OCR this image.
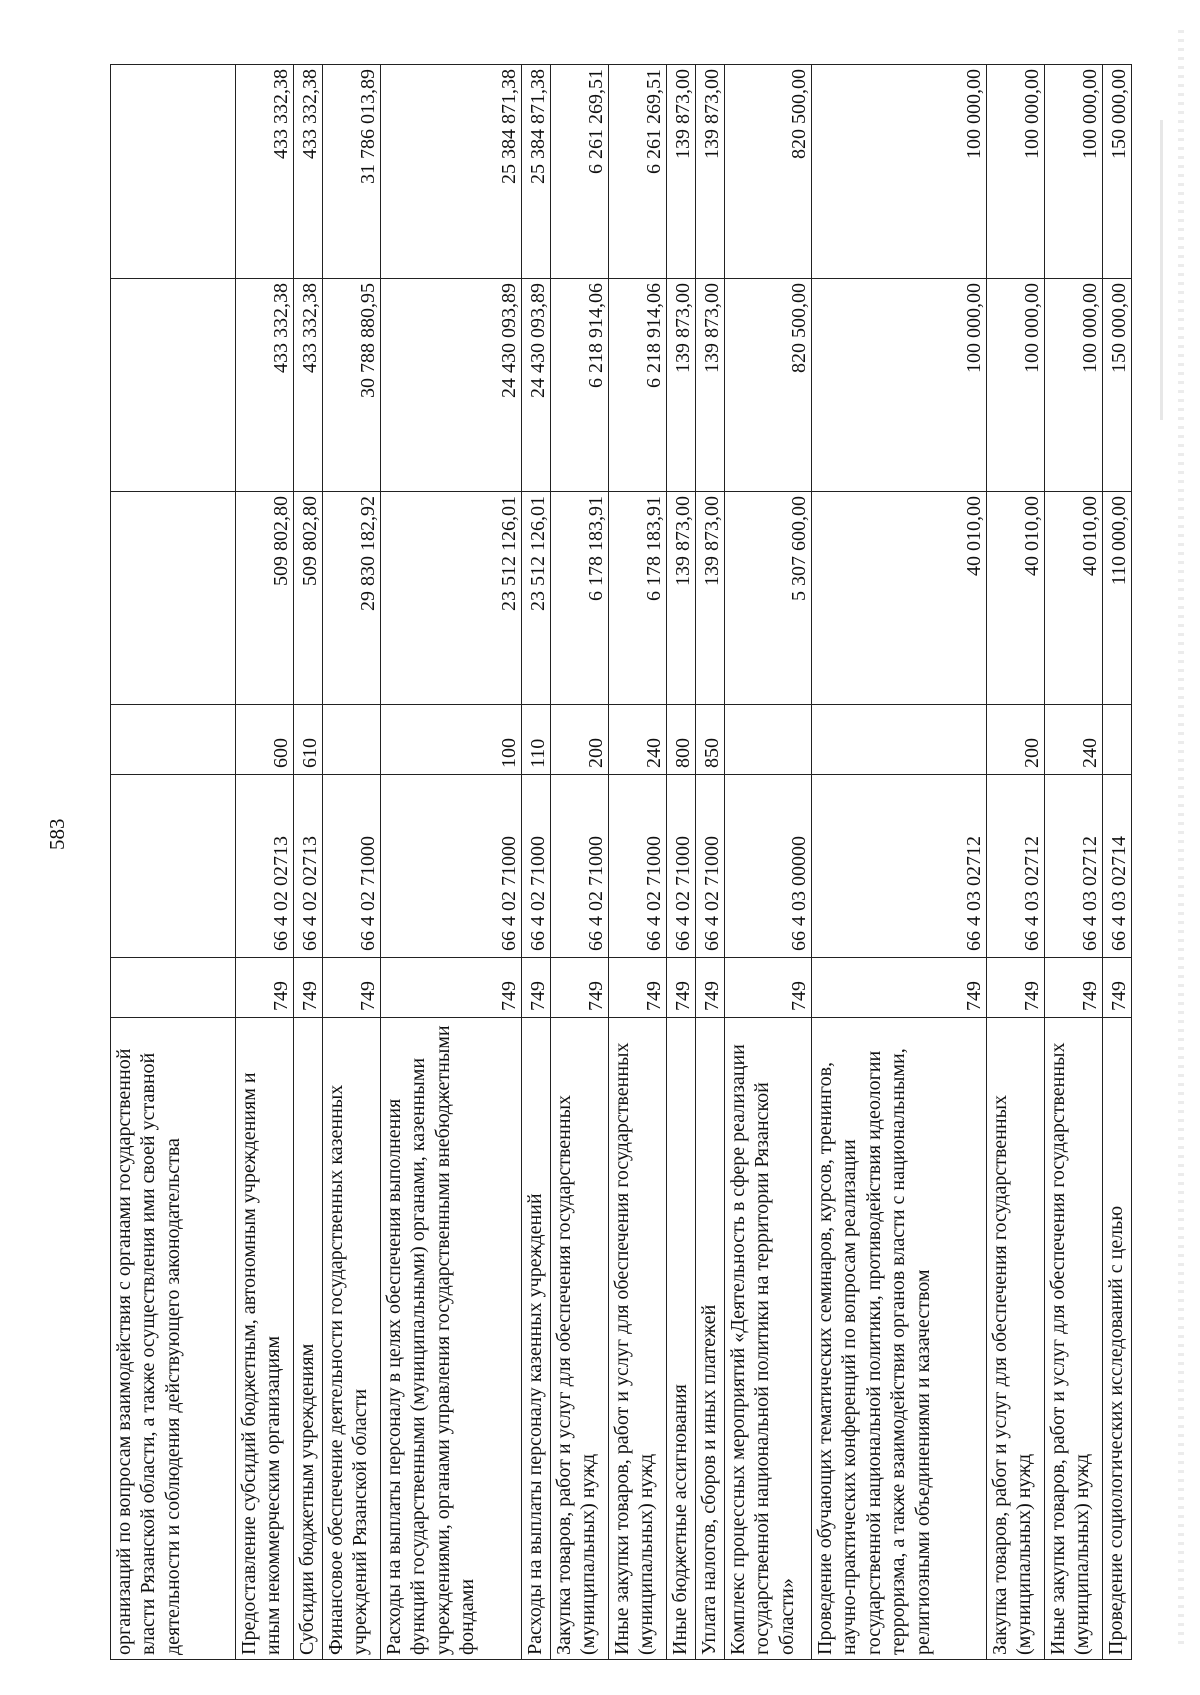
583
организаций по вопросам взаимодействия с органами государственной власти Рязанской области, а также осуществления ими своей уставной деятельности и соблюдения действующего законодательства						
Предоставление субсидий бюджетным, автономным учреждениям и иным некоммерческим организациям	749	66 4 02 02713	600	509 802,80	433 332,38	433 332,38
Субсидии бюджетным учреждениям	749	66 4 02 02713	610	509 802,80	433 332,38	433 332,38
Финансовое обеспечение деятельности государственных казенных учреждений Рязанской области	749	66 4 02 71000		29 830 182,92	30 788 880,95	31 786 013,89
Расходы на выплаты персоналу в целях обеспечения выполнения функций государственными (муниципальными) органами, казенными учреждениями, органами управления государственными внебюджетными фондами	749	66 4 02 71000	100	23 512 126,01	24 430 093,89	25 384 871,38
Расходы на выплаты персоналу казенных учреждений	749	66 4 02 71000	110	23 512 126,01	24 430 093,89	25 384 871,38
Закупка товаров, работ и услуг для обеспечения государственных (муниципальных) нужд	749	66 4 02 71000	200	6 178 183,91	6 218 914,06	6 261 269,51
Иные закупки товаров, работ и услуг для обеспечения государственных (муниципальных) нужд	749	66 4 02 71000	240	6 178 183,91	6 218 914,06	6 261 269,51
Иные бюджетные ассигнования	749	66 4 02 71000	800	139 873,00	139 873,00	139 873,00
Уплата налогов, сборов и иных платежей	749	66 4 02 71000	850	139 873,00	139 873,00	139 873,00
Комплекс процессных мероприятий «Деятельность в сфере реализации государственной национальной политики на территории Рязанской области»	749	66 4 03 00000		5 307 600,00	820 500,00	820 500,00
Проведение обучающих тематических семинаров, курсов, тренингов, научно-практических конференций по вопросам реализации государственной национальной политики, противодействия идеологии терроризма, а также взаимодействия органов власти с национальными, религиозными объединениями и казачеством	749	66 4 03 02712		40 010,00	100 000,00	100 000,00
Закупка товаров, работ и услуг для обеспечения государственных (муниципальных) нужд	749	66 4 03 02712	200	40 010,00	100 000,00	100 000,00
Иные закупки товаров, работ и услуг для обеспечения государственных (муниципальных) нужд	749	66 4 03 02712	240	40 010,00	100 000,00	100 000,00
Проведение социологических исследований с целью	749	66 4 03 02714		110 000,00	150 000,00	150 000,00
